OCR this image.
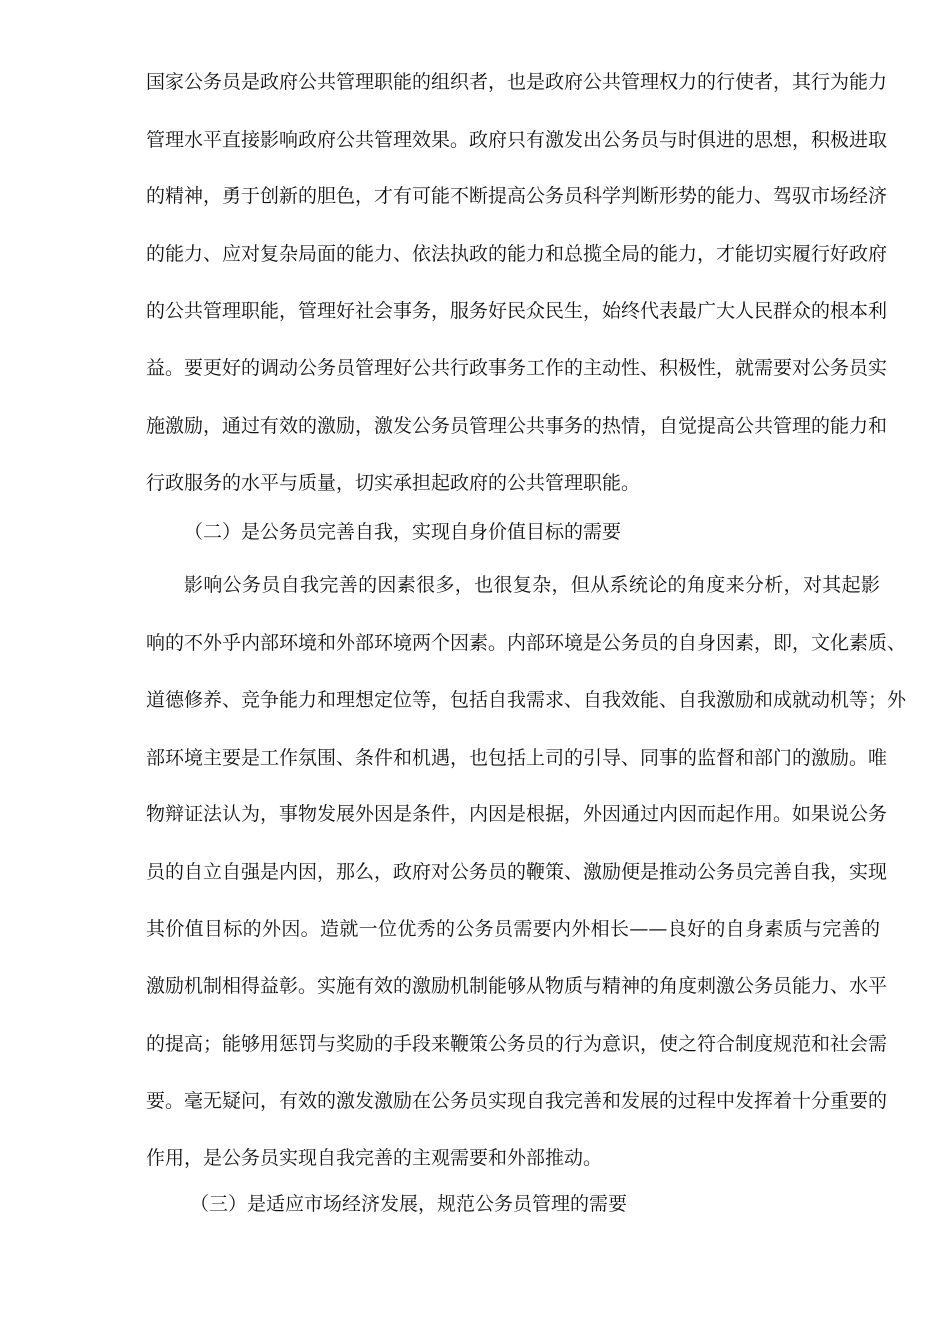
国家公务员是政府公共管理职能的组织者，也是政府公共管理权力的行使者，其行为能力
管理水平直接影响政府公共管理效果。政府只有激发出公务员与时俱进的思想，积极进取
的精神，勇于创新的胆色，才有可能不断提高公务员科学判断形势的能力、驾驭市场经济
的能力、应对复杂局面的能力、依法执政的能力和总揽全局的能力，才能切实履行好政府
的公共管理职能，管理好社会事务，服务好民众民生，始终代表最广大人民群众的根本利
益。要更好的调动公务员管理好公共行政事务工作的主动性、积极性，就需要对公务员实
施激励，通过有效的激励，激发公务员管理公共事务的热情，自觉提高公共管理的能力和
行政服务的水平与质量，切实承担起政府的公共管理职能。
（二）是公务员完善自我，实现自身价值目标的需要
影响公务员自我完善的因素很多，也很复杂，但从系统论的角度来分析，对其起影
响的不外乎内部环境和外部环境两个因素。内部环境是公务员的自身因素，即，文化素质、
道德修养、竞争能力和理想定位等，包括自我需求、自我效能、自我激励和成就动机等；外
部环境主要是工作氛围、条件和机遇，也包括上司的引导、同事的监督和部门的激励。唯
物辩证法认为，事物发展外因是条件，内因是根据，外因通过内因而起作用。如果说公务
员的自立自强是内因，那么，政府对公务员的鞭策、激励便是推动公务员完善自我，实现
其价值目标的外因。造就一位优秀的公务员需要内外相长——良好的自身素质与完善的
激励机制相得益彰。实施有效的激励机制能够从物质与精神的角度刺激公务员能力、水平
的提高；能够用惩罚与奖励的手段来鞭策公务员的行为意识，使之符合制度规范和社会需
要。毫无疑问，有效的激发激励在公务员实现自我完善和发展的过程中发挥着十分重要的
作用，是公务员实现自我完善的主观需要和外部推动。
（三）是适应市场经济发展，规范公务员管理的需要
